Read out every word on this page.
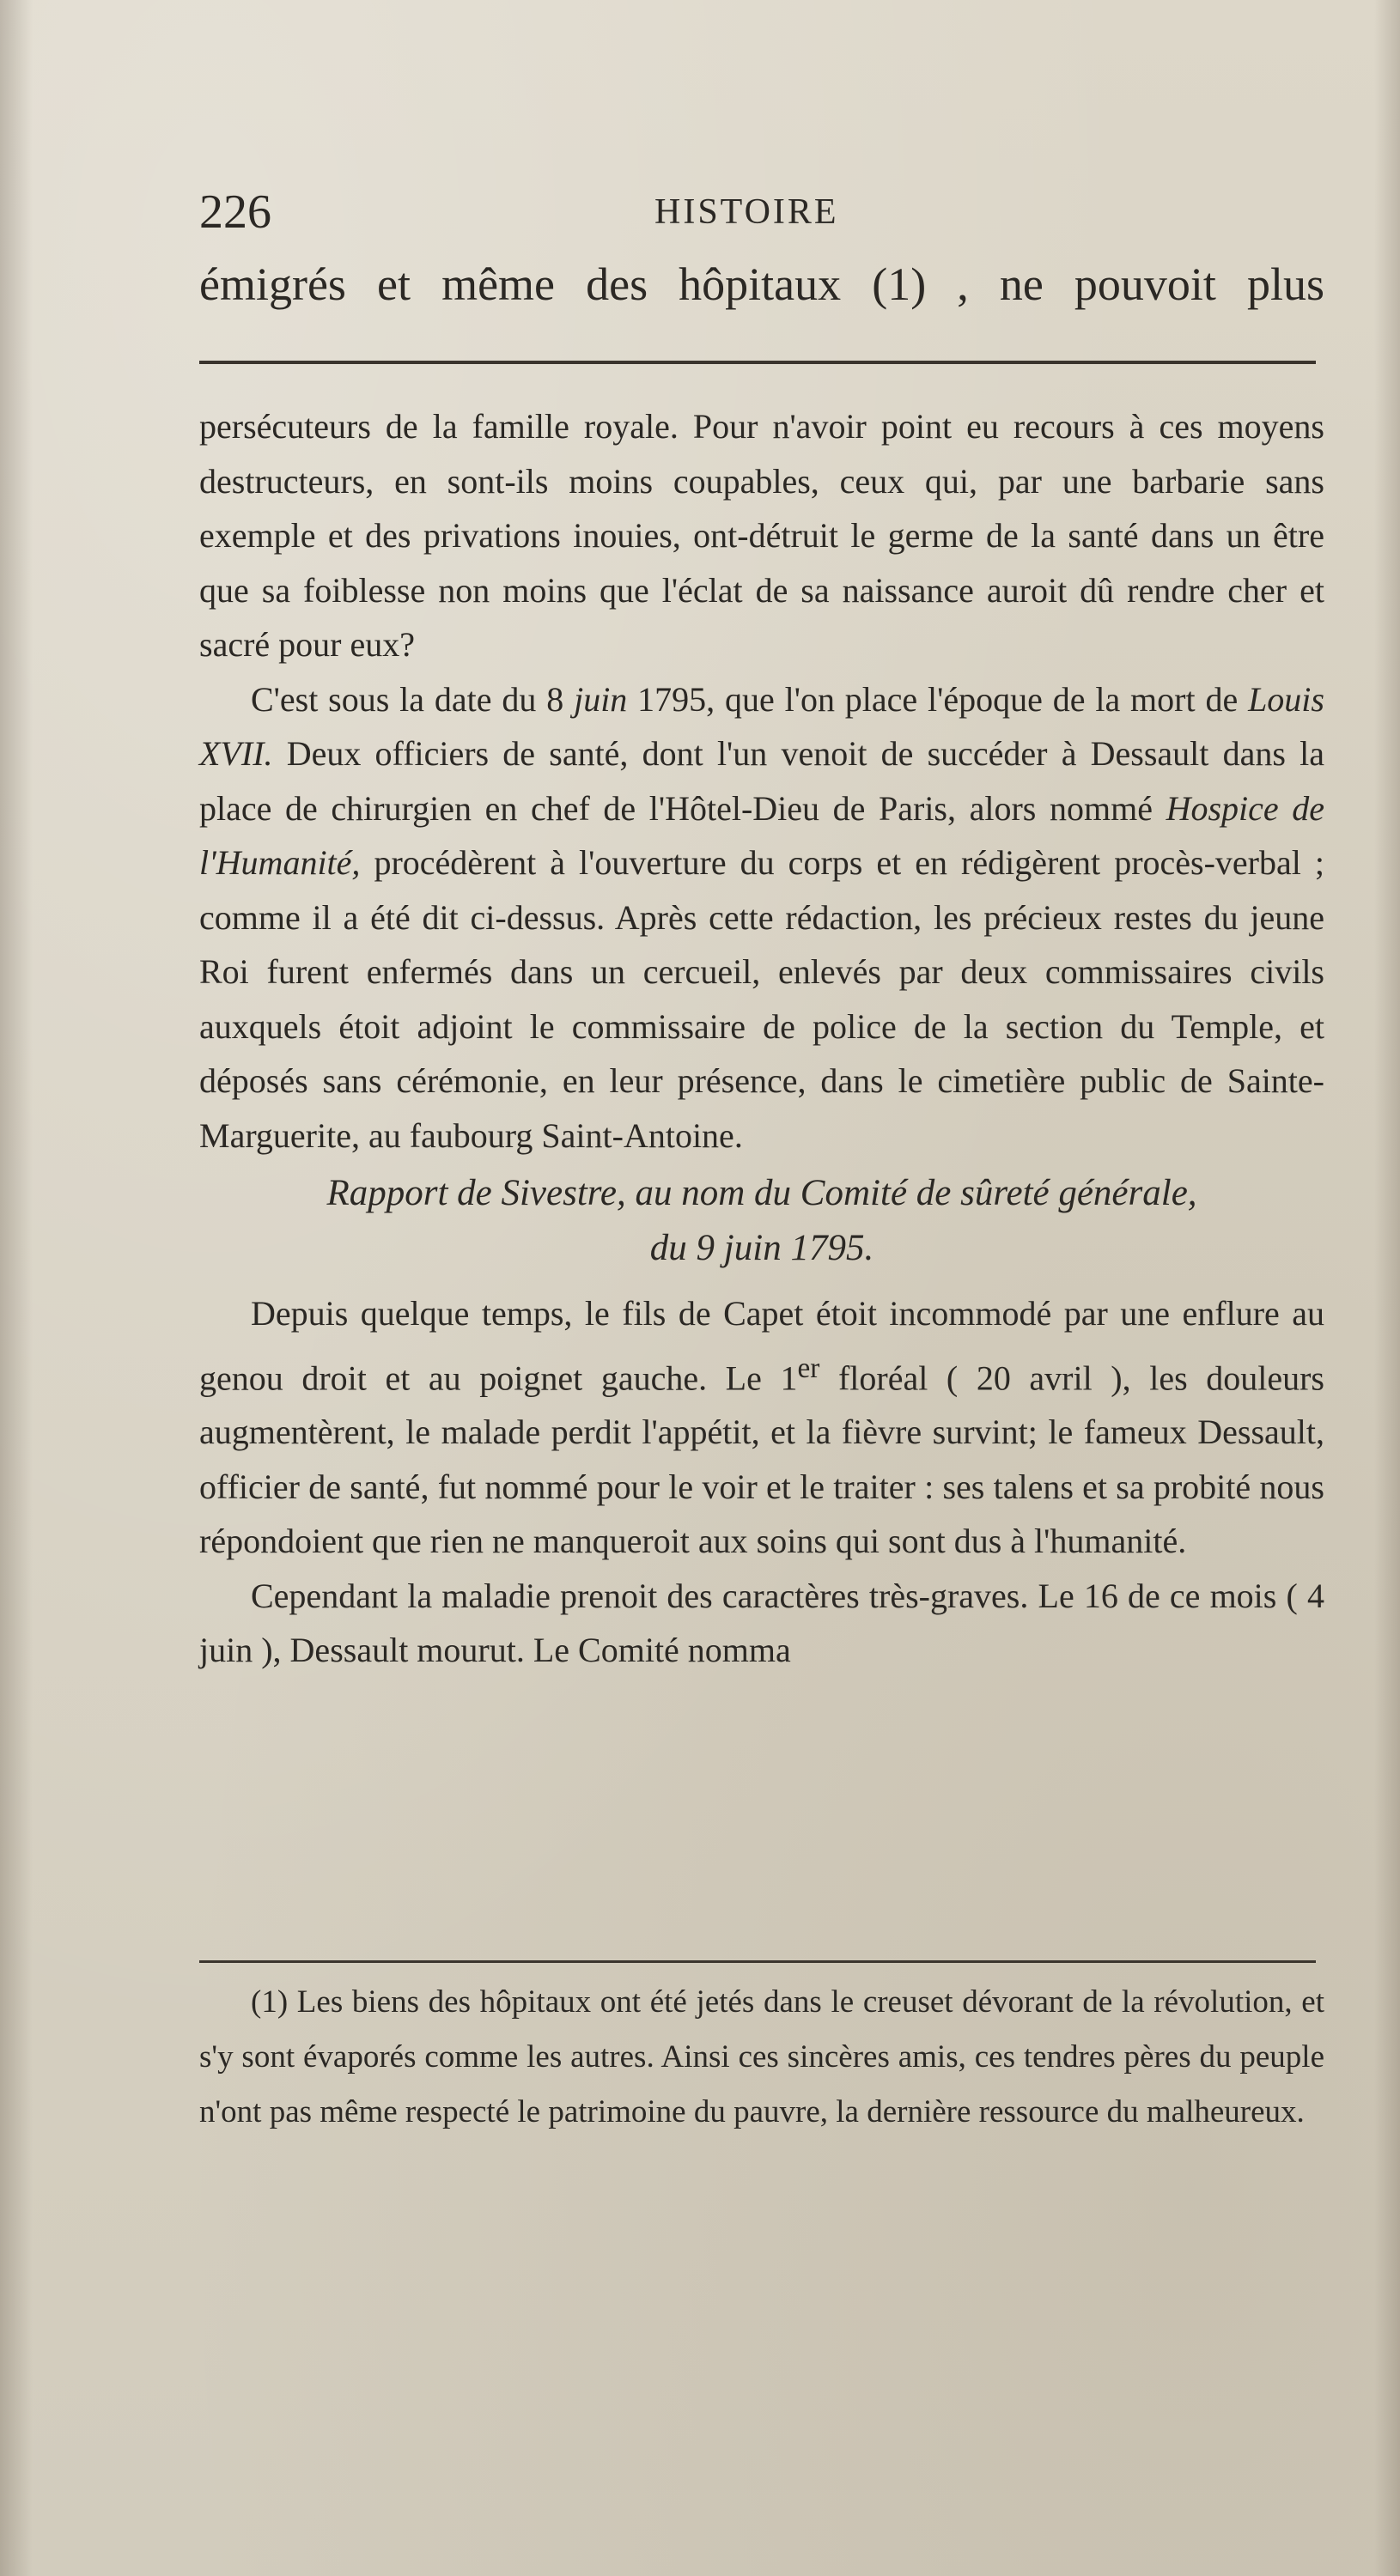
226	HISTOIRE
émigrés et même des hôpitaux (1) , ne pouvoit plus

persécuteurs de la famille royale. Pour n'avoir point eu recours à ces moyens destructeurs, en sont-ils moins coupables, ceux qui, par une barbarie sans exemple et des privations inouies, ont-détruit le germe de la santé dans un être que sa foiblesse non moins que l'éclat de sa naissance auroit dû rendre cher et sacré pour eux?

C'est sous la date du 8 juin 1795, que l'on place l'époque de la mort de Louis XVII. Deux officiers de santé, dont l'un venoit de succéder à Dessault dans la place de chirurgien en chef de l'Hôtel-Dieu de Paris, alors nommé Hospice de l'Humanité, procédèrent à l'ouverture du corps et en rédigèrent procès-verbal ; comme il a été dit ci-dessus. Après cette rédaction, les précieux restes du jeune Roi furent enfermés dans un cercueil, enlevés par deux commissaires civils auxquels étoit adjoint le commissaire de police de la section du Temple, et déposés sans cérémonie, en leur présence, dans le cimetière public de Sainte-Marguerite, au faubourg Saint-Antoine.

Rapport de Sivestre, au nom du Comité de sûreté générale,
du 9 juin 1795.

Depuis quelque temps, le fils de Capet étoit incommodé par une enflure au genou droit et au poignet gauche. Le 1er floréal ( 20 avril ), les douleurs augmentèrent, le malade perdit l'appétit, et la fièvre survint; le fameux Dessault, officier de santé, fut nommé pour le voir et le traiter : ses talens et sa probité nous répondoient que rien ne manqueroit aux soins qui sont dus à l'humanité.

Cependant la maladie prenoit des caractères très-graves. Le 16 de ce mois ( 4 juin ), Dessault mourut. Le Comité nomma

(1) Les biens des hôpitaux ont été jetés dans le creuset dévorant de la révolution, et s'y sont évaporés comme les autres. Ainsi ces sincères amis, ces tendres pères du peuple n'ont pas même respecté le patrimoine du pauvre, la dernière ressource du malheureux.
